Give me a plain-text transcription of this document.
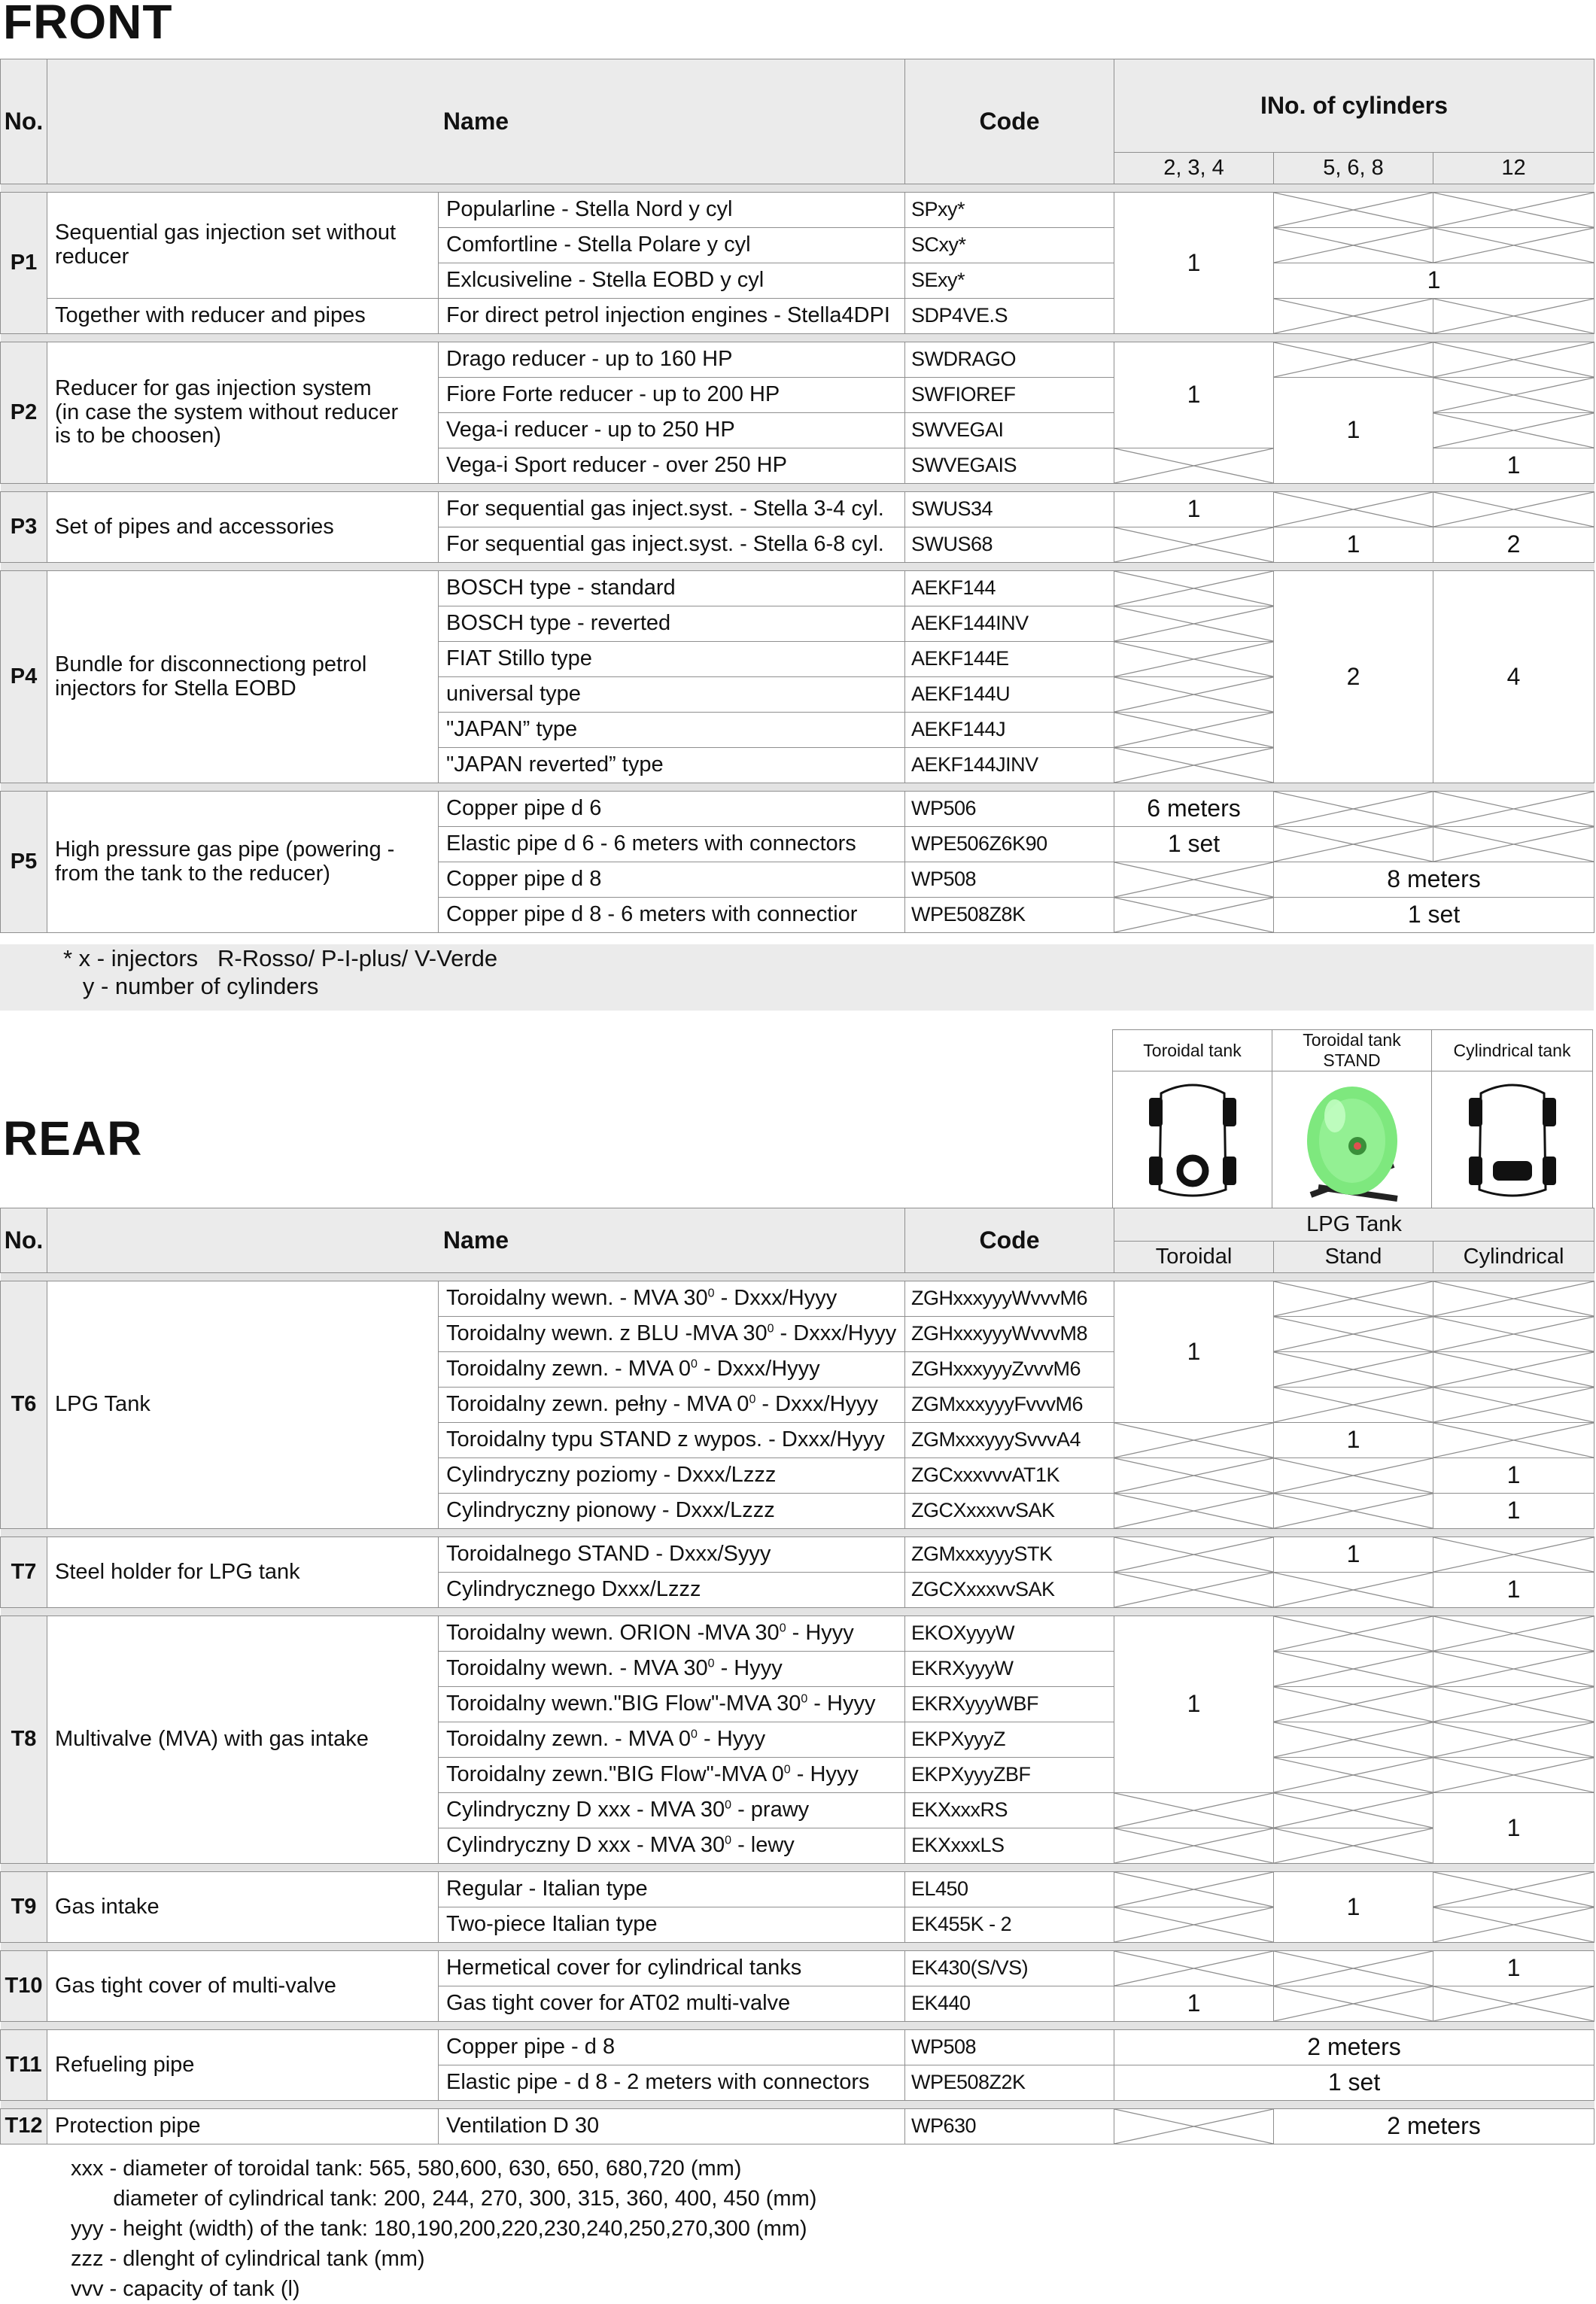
FRONT
No.	Name		Code	INo. of cylinders		
				2, 3, 4	5, 6, 8	12

P1	Sequential gas injection set without reducer	Popularline - Stella Nord y cyl	SPxy*	1	

		Comfortline - Stella Polare y cyl	SCxy*	

		Exlcusiveline - Stella EOBD y cyl	SExy*		1	
	Together with reducer and pipes	For direct petrol injection engines - Stella4DPI	SDP4VE.S	

P2	Reducer for gas injection system
(in case the system without reducer
is to be choosen)	Drago reducer - up to 160 HP	SWDRAGO	1	

		Fiore Forte reducer - up to 200 HP	SWFIOREF		1	

		Vega-i reducer - up to 250 HP	SWVEGAI	

		Vega-i Sport reducer - over 250 HP	SWVEGAIS			1

P3	Set of pipes and accessories	For sequential gas inject.syst. - Stella 3-4 cyl.	SWUS34	1	

		For sequential gas inject.syst. - Stella 6-8 cyl.	SWUS68		1	2

P4	Bundle for disconnectiong petrol
injectors for Stella EOBD	BOSCH type - standard	AEKF144		2	4
		BOSCH type - reverted	AEKF144INV	

		FIAT Stillo type	AEKF144E	

		universal type	AEKF144U	

		"JAPAN” type	AEKF144J	

		"JAPAN reverted” type	AEKF144JINV	

P5	High pressure gas pipe (powering -
from the tank to the reducer)	Copper pipe d 6	WP506	6 meters	

		Elastic pipe d 6 - 6 meters with connectors	WPE506Z6K90	1 set	

		Copper pipe d 8	WP508		8 meters	
		Copper pipe d 8 - 6 meters with connectior	WPE508Z8K		1 set	
* x - injectors   R-Rosso/ P-I-plus/ V-Verde
y - number of cylinders
REAR
Toroidal tank	Toroidal tank STAND	Cylindrical tank

No.	Name		Code	LPG Tank		
				Toroidal	Stand	Cylindrical

T6	LPG Tank	Toroidalny wewn. - MVA $30^0$ - Dxxx/Hyyy	ZGHxxxyyyWvvvM6	1	

		Toroidalny wewn. z BLU -MVA $30^0$ - Dxxx/Hyyy	ZGHxxxyyyWvvvM8	

		Toroidalny zewn. - MVA $0^0$ - Dxxx/Hyyy	ZGHxxxyyyZvvvM6	

		Toroidalny zewn. pełny - MVA $0^0$ - Dxxx/Hyyy	ZGMxxxyyyFvvvM6	

		Toroidalny typu STAND z wypos. - Dxxx/Hyyy	ZGMxxxyyySvvvA4		1	

		Cylindryczny poziomy - Dxxx/Lzzz	ZGCxxxvvvAT1K			1
		Cylindryczny pionowy - Dxxx/Lzzz	ZGCXxxxvvSAK			1

T7	Steel holder for LPG tank	Toroidalnego STAND - Dxxx/Syyy	ZGMxxxyyySTK		1	

		Cylindrycznego Dxxx/Lzzz	ZGCXxxxvvSAK			1

T8	Multivalve (MVA) with gas intake	Toroidalny wewn. ORION -MVA $30^0$ - Hyyy	EKOXyyyW	1	

		Toroidalny wewn. - MVA $30^0$ - Hyyy	EKRXyyyW	

		Toroidalny wewn."BIG Flow"-MVA $30^0$ - Hyyy	EKRXyyyWBF	

		Toroidalny zewn. - MVA $0^0$ - Hyyy	EKPXyyyZ	

		Toroidalny zewn."BIG Flow"-MVA $0^0$ - Hyyy	EKPXyyyZBF	

		Cylindryczny D xxx - MVA $30^0$ - prawy	EKXxxxRS			1
		Cylindryczny D xxx - MVA $30^0$ - lewy	EKXxxxLS	

T9	Gas intake	Regular - Italian type	EL450		1	

		Two-piece Italian type	EK455K - 2	

T10	Gas tight cover of multi-valve	Hermetical cover for cylindrical tanks	EK430(S/VS)			1
		Gas tight cover for AT02 multi-valve	EK440	1	

T11	Refueling pipe	Copper pipe - d 8	WP508	2 meters		
		Elastic pipe - d 8 - 2 meters with connectors	WPE508Z2K	1 set		

T12	Protection pipe	Ventilation D 30	WP630		2 meters	
xxx - diameter of toroidal tank: 565, 580,600, 630, 650, 680,720 (mm)
diameter of cylindrical tank: 200, 244, 270, 300, 315, 360, 400, 450 (mm)
yyy - height (width) of the tank: 180,190,200,220,230,240,250,270,300 (mm)
zzz - dlenght of cylindrical tank (mm)
vvv - capacity of tank (l)
